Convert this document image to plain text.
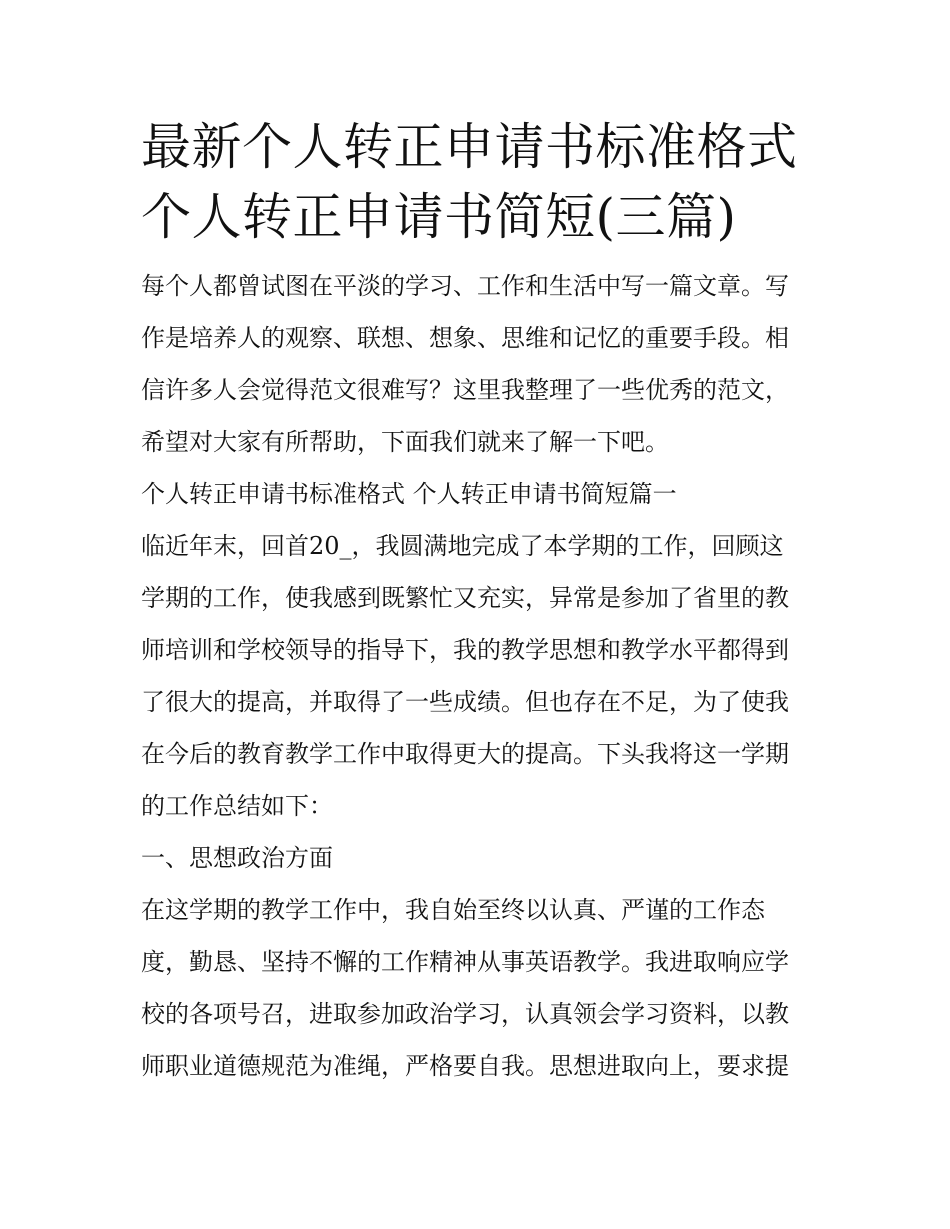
最新个人转正申请书标准格式
个人转正申请书简短(三篇)

每个人都曾试图在平淡的学习、工作和生活中写一篇文章。写
作是培养人的观察、联想、想象、思维和记忆的重要手段。相
信许多人会觉得范文很难写？这里我整理了一些优秀的范文，
希望对大家有所帮助，下面我们就来了解一下吧。

个人转正申请书标准格式 个人转正申请书简短篇一

临近年末，回首20_，我圆满地完成了本学期的工作，回顾这
学期的工作，使我感到既繁忙又充实，异常是参加了省里的教
师培训和学校领导的指导下，我的教学思想和教学水平都得到
了很大的提高，并取得了一些成绩。但也存在不足，为了使我
在今后的教育教学工作中取得更大的提高。下头我将这一学期
的工作总结如下：

一、思想政治方面

在这学期的教学工作中，我自始至终以认真、严谨的工作态
度，勤恳、坚持不懈的工作精神从事英语教学。我进取响应学
校的各项号召，进取参加政治学习，认真领会学习资料，以教
师职业道德规范为准绳，严格要自我。思想进取向上，要求提
